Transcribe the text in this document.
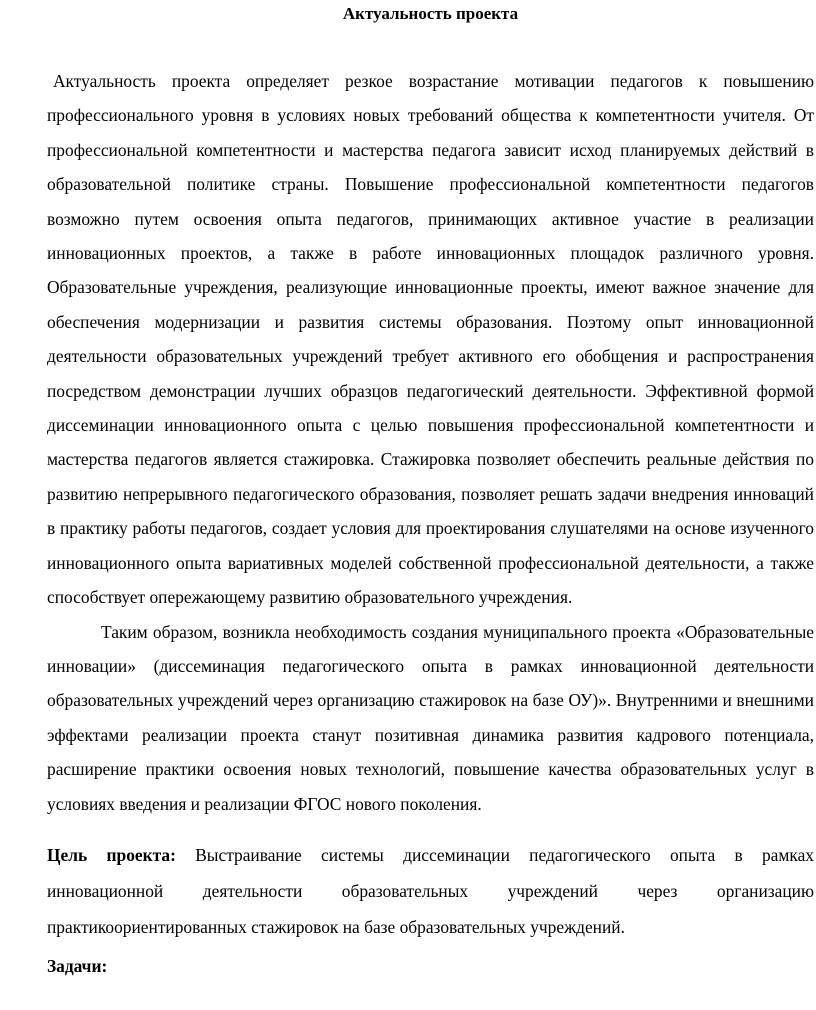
Актуальность проекта

Актуальность проекта определяет резкое возрастание мотивации педагогов к повышению профессионального уровня в условиях новых требований общества к компетентности учителя. От профессиональной компетентности и мастерства педагога зависит исход планируемых действий в образовательной политике страны. Повышение профессиональной компетентности педагогов возможно путем освоения опыта педагогов, принимающих активное участие в реализации инновационных проектов, а также в работе инновационных площадок различного уровня. Образовательные учреждения, реализующие инновационные проекты, имеют важное значение для обеспечения модернизации и развития системы образования. Поэтому опыт инновационной деятельности образовательных учреждений требует активного его обобщения и распространения посредством демонстрации лучших образцов педагогический деятельности. Эффективной формой диссеминации инновационного опыта с целью повышения профессиональной компетентности и мастерства педагогов является стажировка. Стажировка позволяет обеспечить реальные действия по развитию непрерывного педагогического образования, позволяет решать задачи внедрения инноваций в практику работы педагогов, создает условия для проектирования слушателями на основе изученного инновационного опыта вариативных моделей собственной профессиональной деятельности, а также способствует опережающему развитию образовательного учреждения.

Таким образом, возникла необходимость создания муниципального проекта «Образовательные инновации» (диссеминация педагогического опыта в рамках инновационной деятельности образовательных учреждений через организацию стажировок на базе ОУ)». Внутренними и внешними эффектами реализации проекта станут позитивная динамика развития кадрового потенциала, расширение практики освоения новых технологий, повышение качества образовательных услуг в условиях введения и реализации ФГОС нового поколения.

Цель проекта: Выстраивание системы диссеминации педагогического опыта в рамках инновационной деятельности образовательных учреждений через организацию практикоориентированных стажировок на базе образовательных учреждений.

Задачи:
